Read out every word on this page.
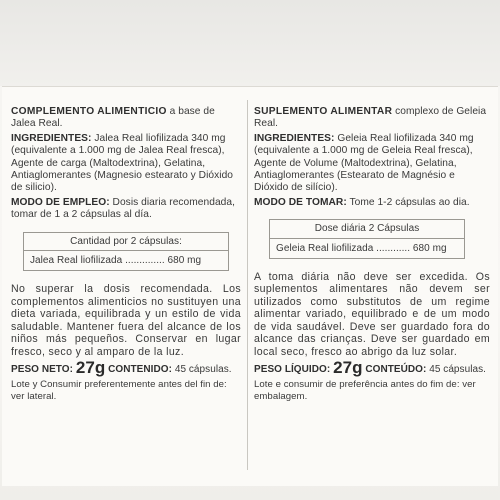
COMPLEMENTO ALIMENTICIO a base de Jalea Real.
INGREDIENTES: Jalea Real liofilizada 340 mg (equivalente a 1.000 mg de Jalea Real fresca), Agente de carga (Maltodextrina), Gelatina, Antiaglomerantes (Magnesio estearato y Dióxido de silicio).
MODO DE EMPLEO: Dosis diaria recomendada, tomar de 1 a 2 cápsulas al día.
Cantidad por 2 cápsulas:
Jalea Real liofilizada .............. 680 mg
No superar la dosis recomendada. Los complementos alimenticios no sustituyen una dieta variada, equilibrada y un estilo de vida saludable. Mantener fuera del alcance de los niños más pequeños. Conservar en lugar fresco, seco y al amparo de la luz.
PESO NETO: 27g CONTENIDO: 45 cápsulas.
Lote y Consumir preferentemente antes del fin de: ver lateral.
SUPLEMENTO ALIMENTAR complexo de Geleia Real.
INGREDIENTES: Geleia Real liofilizada 340 mg (equivalente a 1.000 mg de Geleia Real fresca), Agente de Volume (Maltodextrina), Gelatina, Antiaglomerantes (Estearato de Magnésio e Dióxido de silício).
MODO DE TOMAR: Tome 1-2 cápsulas ao dia.
Dose diária 2 Cápsulas
Geleia Real liofilizada ............ 680 mg
A toma diária não deve ser excedida. Os suplementos alimentares não devem ser utilizados como substitutos de um regime alimentar variado, equilibrado e de um modo de vida saudável. Deve ser guardado fora do alcance das crianças. Deve ser guardado em local seco, fresco ao abrigo da luz solar.
PESO LÍQUIDO: 27g CONTEÚDO: 45 cápsulas.
Lote e consumir de preferência antes do fim de: ver embalagem.
